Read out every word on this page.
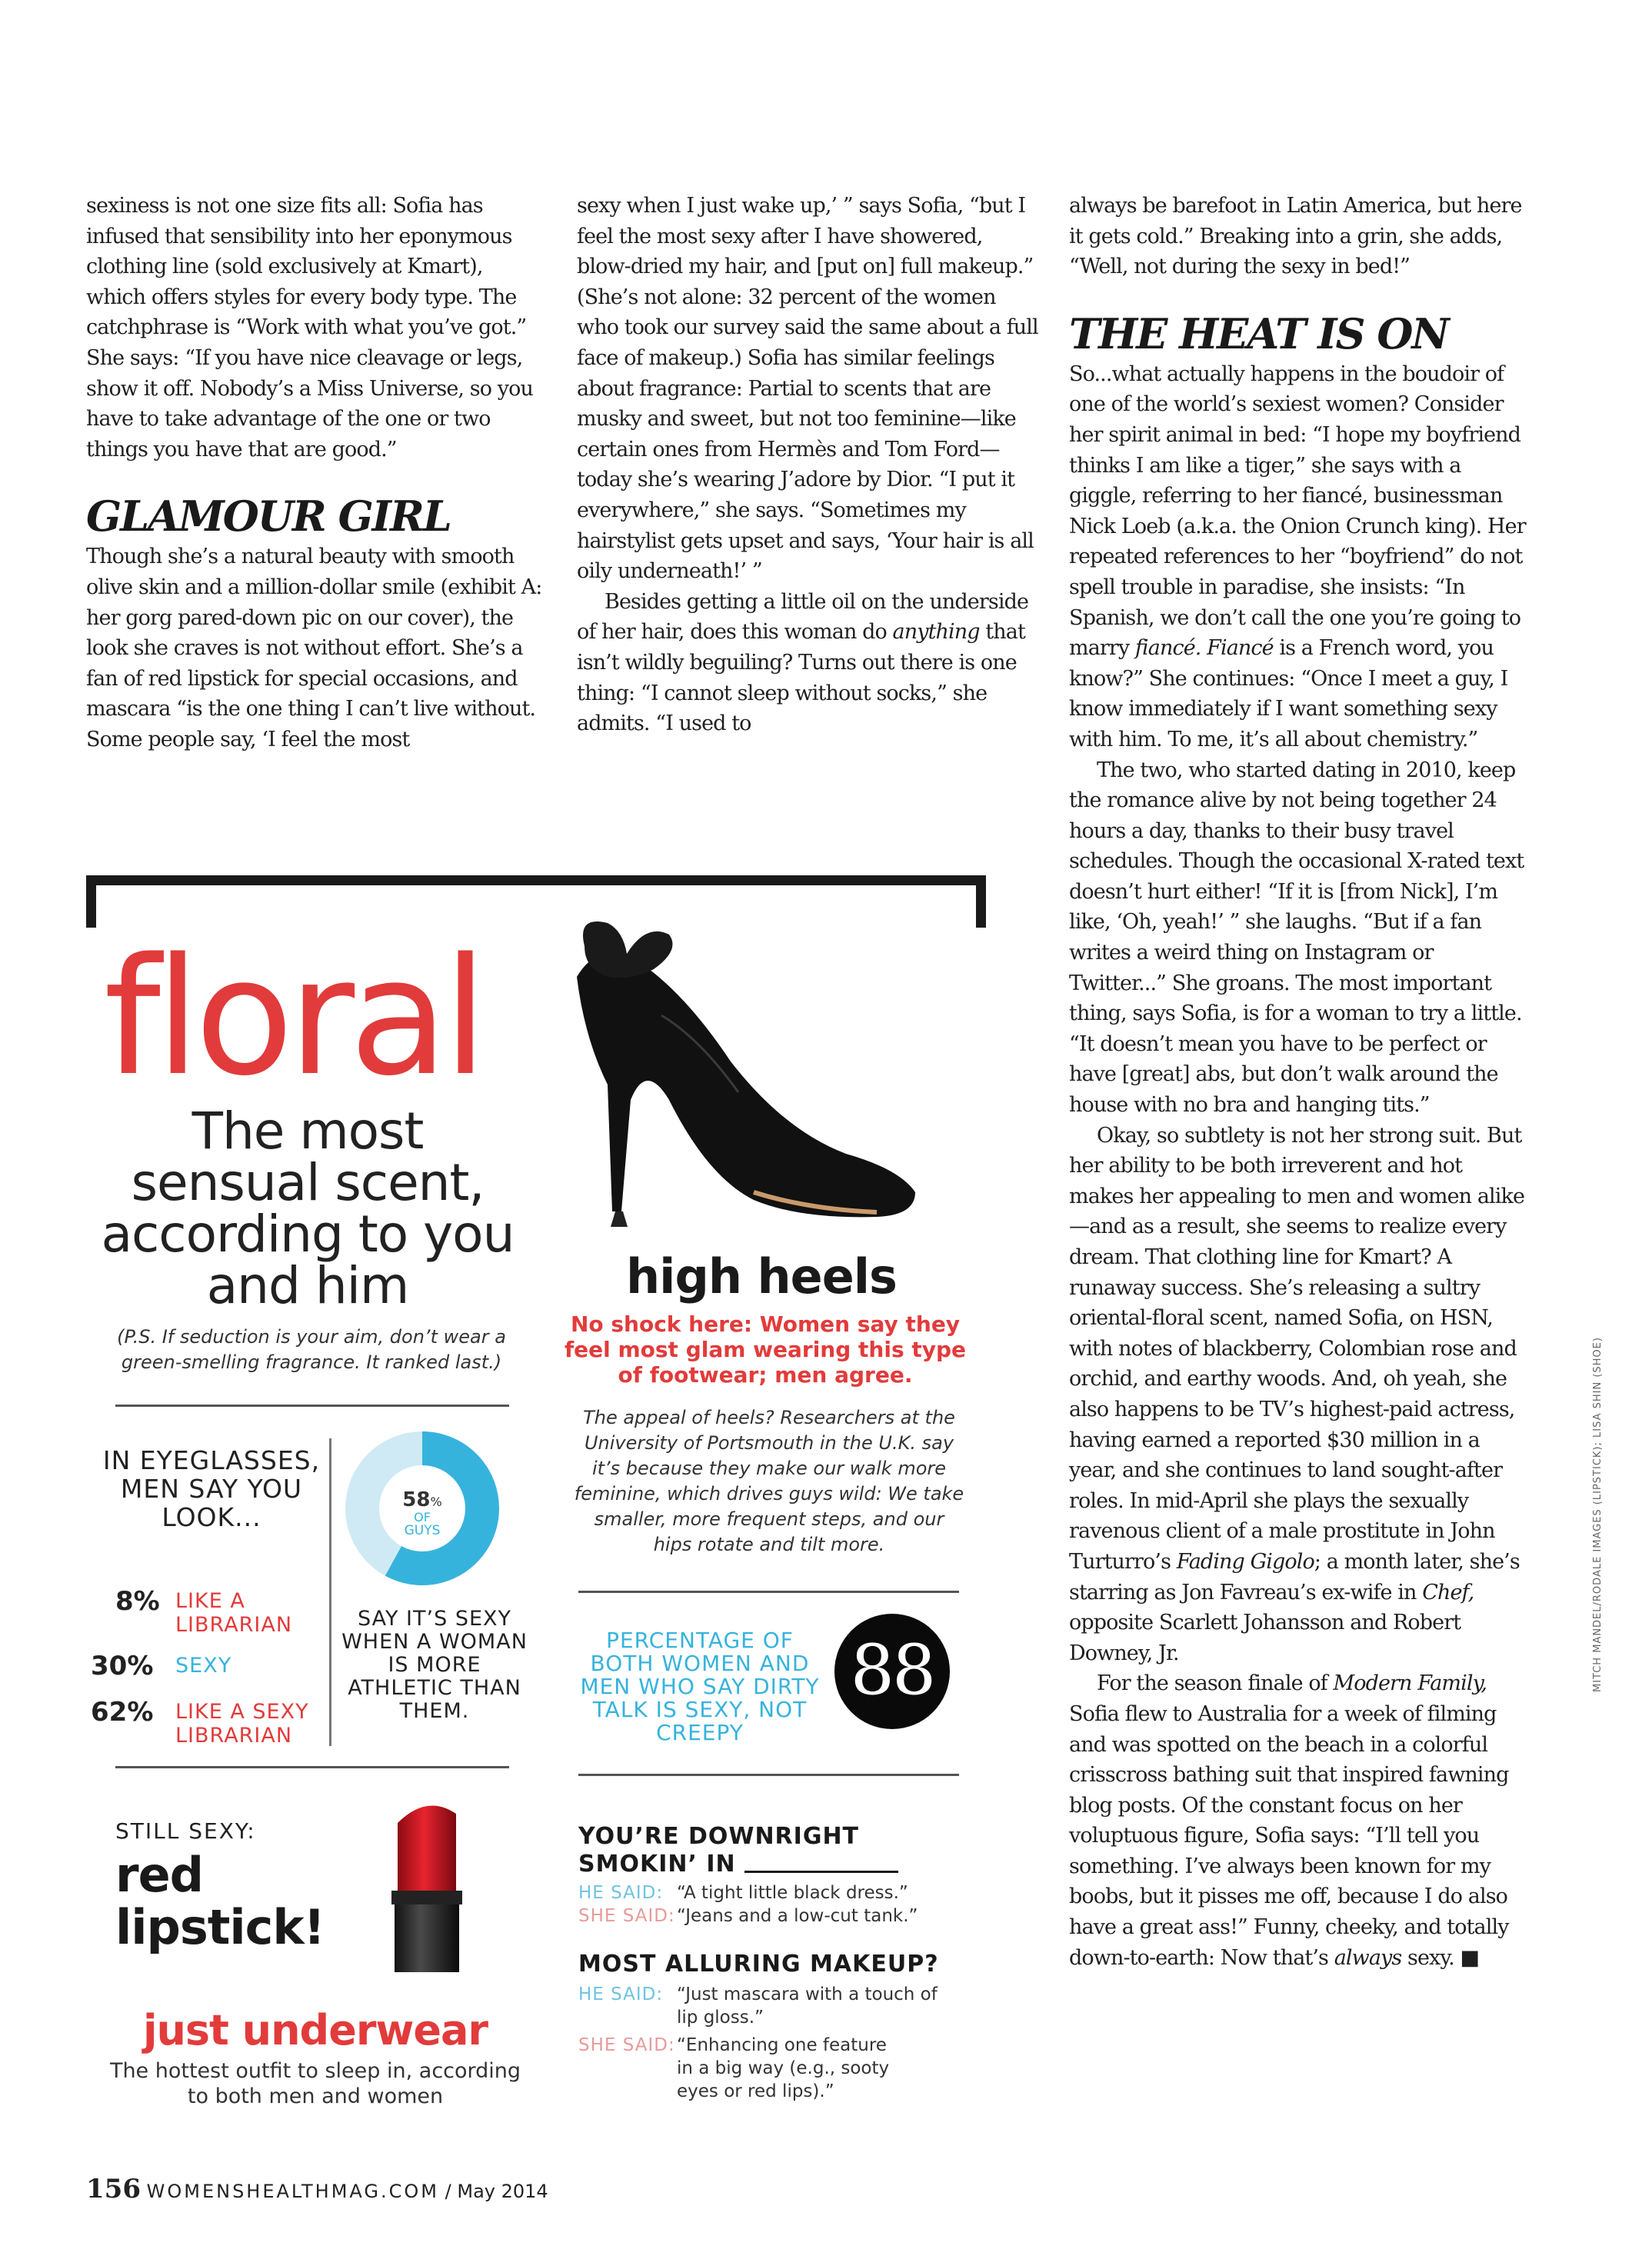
sexiness is not one size fits all: Sofia has infused that sensibility into her eponymous clothing line (sold exclusively at Kmart), which offers styles for every body type. The catchphrase is “Work with what you’ve got.” She says: “If you have nice cleavage or legs, show it off. Nobody’s a Miss Universe, so you have to take advantage of the one or two things you have that are good.”

GLAMOUR GIRL

Though she’s a natural beauty with smooth olive skin and a million-dollar smile (exhibit A: her gorg pared-down pic on our cover), the look she craves is not without effort. She’s a fan of red lipstick for special occasions, and mascara “is the one thing I can’t live without. Some people say, ‘I feel the most

sexy when I just wake up,’ ” says Sofia, “but I feel the most sexy after I have showered, blow-dried my hair, and [put on] full makeup.” (She’s not alone: 32 percent of the women who took our survey said the same about a full face of makeup.) Sofia has similar feelings about fragrance: Partial to scents that are musky and sweet, but not too feminine—like certain ones from Hermès and Tom Ford—today she’s wearing J’adore by Dior. “I put it everywhere,” she says. “Sometimes my hairstylist gets upset and says, ‘Your hair is all oily underneath!’ ”

Besides getting a little oil on the underside of her hair, does this woman do anything that isn’t wildly beguiling? Turns out there is one thing: “I cannot sleep without socks,” she admits. “I used to

always be barefoot in Latin America, but here it gets cold.” Breaking into a grin, she adds, “Well, not during the sexy in bed!”

THE HEAT IS ON

So...what actually happens in the boudoir of one of the world’s sexiest women? Consider her spirit animal in bed: “I hope my boyfriend thinks I am like a tiger,” she says with a giggle, referring to her fiancé, businessman Nick Loeb (a.k.a. the Onion Crunch king). Her repeated references to her “boyfriend” do not spell trouble in paradise, she insists: “In Spanish, we don’t call the one you’re going to marry fiancé. Fiancé is a French word, you know?” She continues: “Once I meet a guy, I know immediately if I want something sexy with him. To me, it’s all about chemistry.”

The two, who started dating in 2010, keep the romance alive by not being together 24 hours a day, thanks to their busy travel schedules. Though the occasional X-rated text doesn’t hurt either! “If it is [from Nick], I’m like, ‘Oh, yeah!’ ” she laughs. “But if a fan writes a weird thing on Instagram or Twitter...” She groans. The most important thing, says Sofia, is for a woman to try a little. “It doesn’t mean you have to be perfect or have [great] abs, but don’t walk around the house with no bra and hanging tits.”

Okay, so subtlety is not her strong suit. But her ability to be both irreverent and hot makes her appealing to men and women alike—and as a result, she seems to realize every dream. That clothing line for Kmart? A runaway success. She’s releasing a sultry oriental-floral scent, named Sofia, on HSN, with notes of blackberry, Colombian rose and orchid, and earthy woods. And, oh yeah, she also happens to be TV’s highest-paid actress, having earned a reported $30 million in a year, and she continues to land sought-after roles. In mid-April she plays the sexually ravenous client of a male prostitute in John Turturro’s Fading Gigolo; a month later, she’s starring as Jon Favreau’s ex-wife in Chef, opposite Scarlett Johansson and Robert Downey, Jr.

For the season finale of Modern Family, Sofia flew to Australia for a week of filming and was spotted on the beach in a colorful crisscross bathing suit that inspired fawning blog posts. Of the constant focus on her voluptuous figure, Sofia says: “I’ll tell you something. I’ve always been known for my boobs, but it pisses me off, because I do also have a great ass!” Funny, cheeky, and totally down-to-earth: Now that’s always sexy. ■

floral
The most sensual scent, according to you and him
(P.S. If seduction is your aim, don’t wear a green-smelling fragrance. It ranked last.)
IN EYEGLASSES, MEN SAY YOU LOOK...
8% LIKE A LIBRARIAN
30% SEXY
62% LIKE A SEXY LIBRARIAN
58%
OF
GUYS
SAY IT’S SEXY WHEN A WOMAN IS MORE ATHLETIC THAN THEM.
STILL SEXY:
red lipstick!
just underwear
The hottest outfit to sleep in, according to both men and women
high heels
No shock here: Women say they feel most glam wearing this type of footwear; men agree.
The appeal of heels? Researchers at the University of Portsmouth in the U.K. say it’s because they make our walk more feminine, which drives guys wild: We take smaller, more frequent steps, and our hips rotate and tilt more.
PERCENTAGE OF BOTH WOMEN AND MEN WHO SAY DIRTY TALK IS SEXY, NOT CREEPY
88
YOU’RE DOWNRIGHT SMOKIN’ IN
HE SAID: “A tight little black dress.”
SHE SAID: “Jeans and a low-cut tank.”
MOST ALLURING MAKEUP?
HE SAID: “Just mascara with a touch of lip gloss.”
SHE SAID: “Enhancing one feature in a big way (e.g., sooty eyes or red lips).”
156 WOMENSHEALTHMAG.COM / May 2014
MITCH MANDEL/RODALE IMAGES (LIPSTICK); LISA SHIN (SHOE)
